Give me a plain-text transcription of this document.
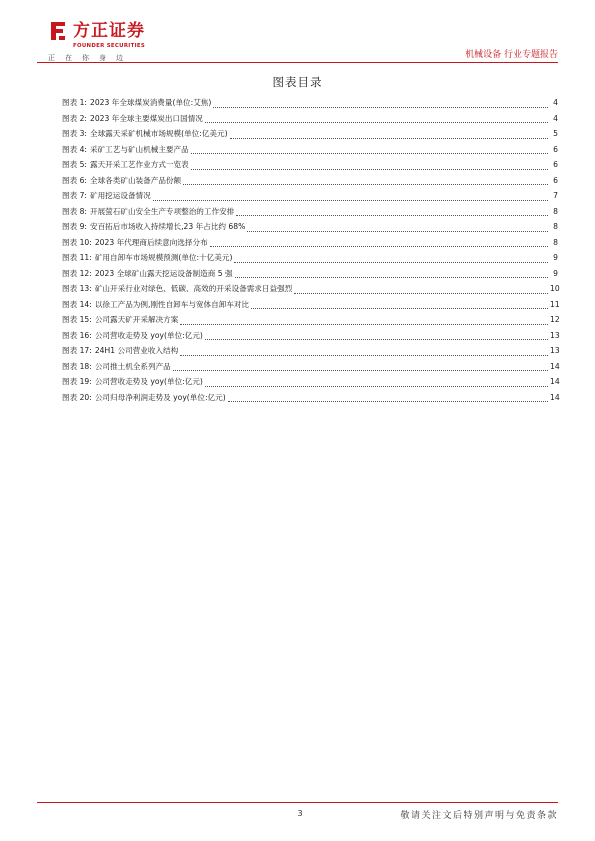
方正证券
FOUNDER SECURITIES
正在你身边	机械设备 行业专题报告
图表目录
图表 1: 2023 年全球煤炭消费量(单位:艾焦)	4
图表 2: 2023 年全球主要煤炭出口国情况	4
图表 3: 全球露天采矿机械市场规模(单位:亿美元)	5
图表 4: 采矿工艺与矿山机械主要产品	6
图表 5: 露天开采工艺作业方式一览表	6
图表 6: 全球各类矿山装备产品份额	6
图表 7: 矿用挖运设备情况	7
图表 8: 开展萤石矿山安全生产专项整治的工作安排	8
图表 9: 安百拓后市场收入持续增长,23 年占比约 68%	8
图表 10: 2023 年代理商后续意向选择分布	8
图表 11: 矿用自卸车市场规模预测(单位:十亿美元)	9
图表 12: 2023 全球矿山露天挖运设备制造商 5 强	9
图表 13: 矿山开采行业对绿色、低碳、高效的开采设备需求日益强烈	10
图表 14: 以徐工产品为例,刚性自卸车与宽体自卸车对比	11
图表 15: 公司露天矿开采解决方案	12
图表 16: 公司营收走势及 yoy(单位:亿元)	13
图表 17: 24H1 公司营业收入结构	13
图表 18: 公司推土机全系列产品	14
图表 19: 公司营收走势及 yoy(单位:亿元)	14
图表 20: 公司归母净利润走势及 yoy(单位:亿元)	14
3	敬请关注文后特别声明与免责条款
